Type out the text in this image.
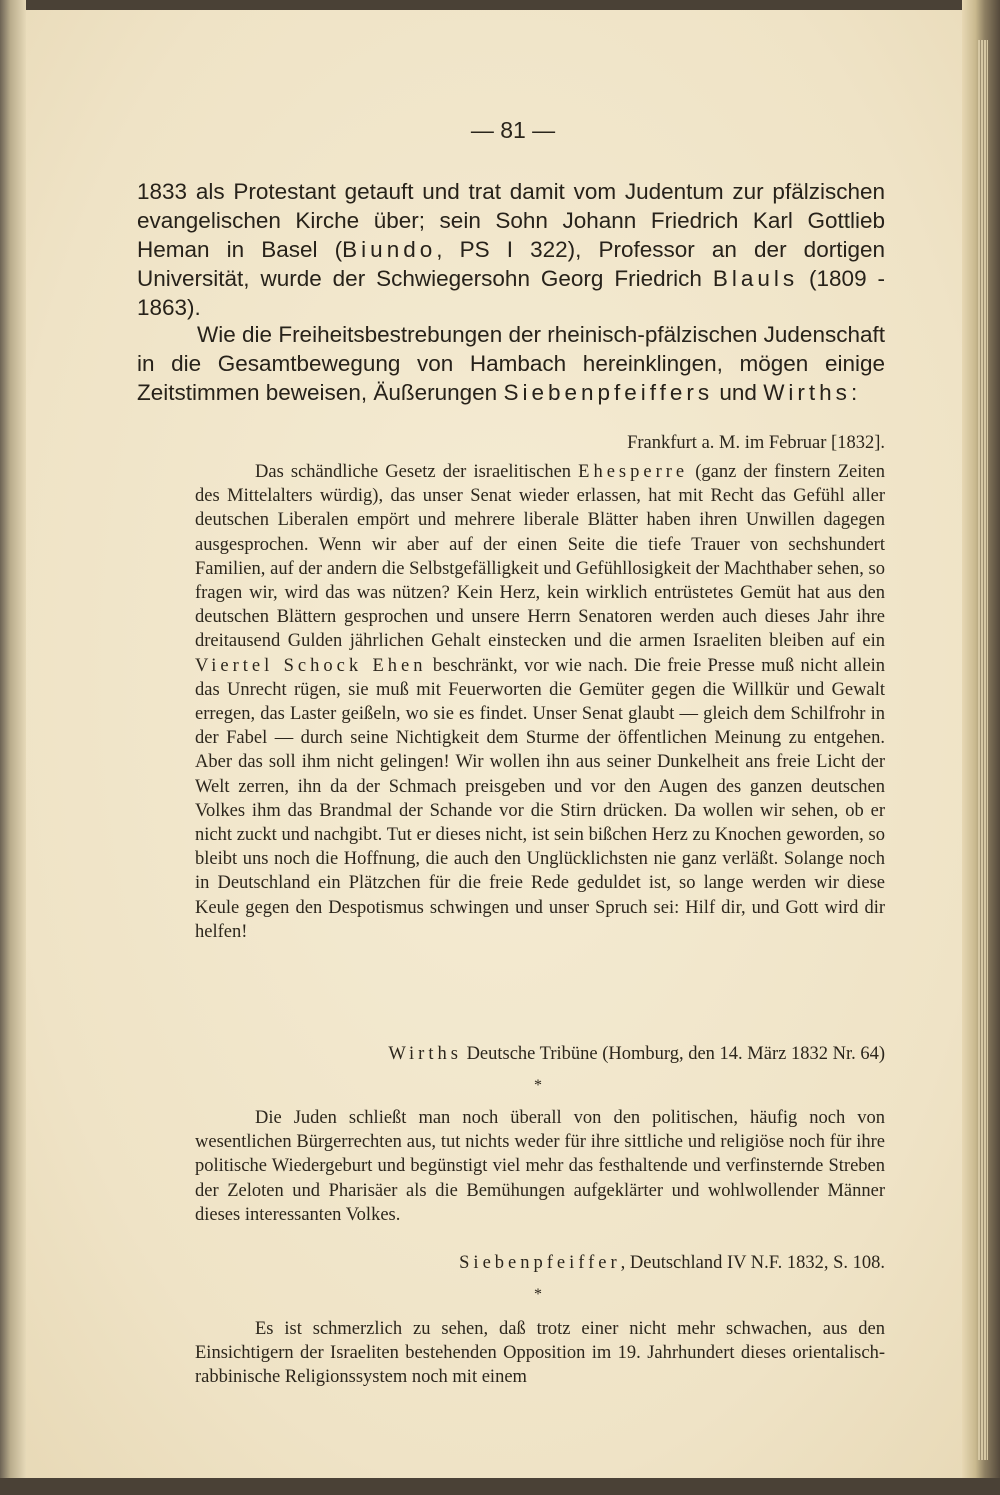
— 81 —
1833 als Protestant getauft und trat damit vom Judentum zur pfälzischen evangelischen Kirche über; sein Sohn Johann Friedrich Karl Gottlieb Heman in Basel (Biundo, PS I 322), Professor an der dortigen Universität, wurde der Schwiegersohn Georg Friedrich Blauls (1809 - 1863).
Wie die Freiheitsbestrebungen der rheinisch-pfälzischen Judenschaft in die Gesamtbewegung von Hambach hereinklingen, mögen einige Zeitstimmen beweisen, Äußerungen Siebenpfeiffers und Wirths:
Frankfurt a. M. im Februar [1832].
Das schändliche Gesetz der israelitischen Ehesperre (ganz der finstern Zeiten des Mittelalters würdig), das unser Senat wieder erlassen, hat mit Recht das Gefühl aller deutschen Liberalen empört und mehrere liberale Blätter haben ihren Unwillen dagegen ausgesprochen. Wenn wir aber auf der einen Seite die tiefe Trauer von sechshundert Familien, auf der andern die Selbstgefälligkeit und Gefühllosigkeit der Machthaber sehen, so fragen wir, wird das was nützen? Kein Herz, kein wirklich entrüstetes Gemüt hat aus den deutschen Blättern gesprochen und unsere Herrn Senatoren werden auch dieses Jahr ihre dreitausend Gulden jährlichen Gehalt einstecken und die armen Israeliten bleiben auf ein Viertel Schock Ehen beschränkt, vor wie nach. Die freie Presse muß nicht allein das Unrecht rügen, sie muß mit Feuerworten die Gemüter gegen die Willkür und Gewalt erregen, das Laster geißeln, wo sie es findet. Unser Senat glaubt — gleich dem Schilfrohr in der Fabel — durch seine Nichtigkeit dem Sturme der öffentlichen Meinung zu entgehen. Aber das soll ihm nicht gelingen! Wir wollen ihn aus seiner Dunkelheit ans freie Licht der Welt zerren, ihn da der Schmach preisgeben und vor den Augen des ganzen deutschen Volkes ihm das Brandmal der Schande vor die Stirn drücken. Da wollen wir sehen, ob er nicht zuckt und nachgibt. Tut er dieses nicht, ist sein bißchen Herz zu Knochen geworden, so bleibt uns noch die Hoffnung, die auch den Unglücklichsten nie ganz verläßt. Solange noch in Deutschland ein Plätzchen für die freie Rede geduldet ist, so lange werden wir diese Keule gegen den Despotismus schwingen und unser Spruch sei: Hilf dir, und Gott wird dir helfen!
Wirths Deutsche Tribüne (Homburg, den 14. März 1832 Nr. 64)
*
Die Juden schließt man noch überall von den politischen, häufig noch von wesentlichen Bürgerrechten aus, tut nichts weder für ihre sittliche und religiöse noch für ihre politische Wiedergeburt und begünstigt viel mehr das festhaltende und verfinsternde Streben der Zeloten und Pharisäer als die Bemühungen aufgeklärter und wohlwollender Männer dieses interessanten Volkes.
Siebenpfeiffer, Deutschland IV N.F. 1832, S. 108.
*
Es ist schmerzlich zu sehen, daß trotz einer nicht mehr schwachen, aus den Einsichtigern der Israeliten bestehenden Opposition im 19. Jahrhundert dieses orientalisch-rabbinische Religionssystem noch mit einem
